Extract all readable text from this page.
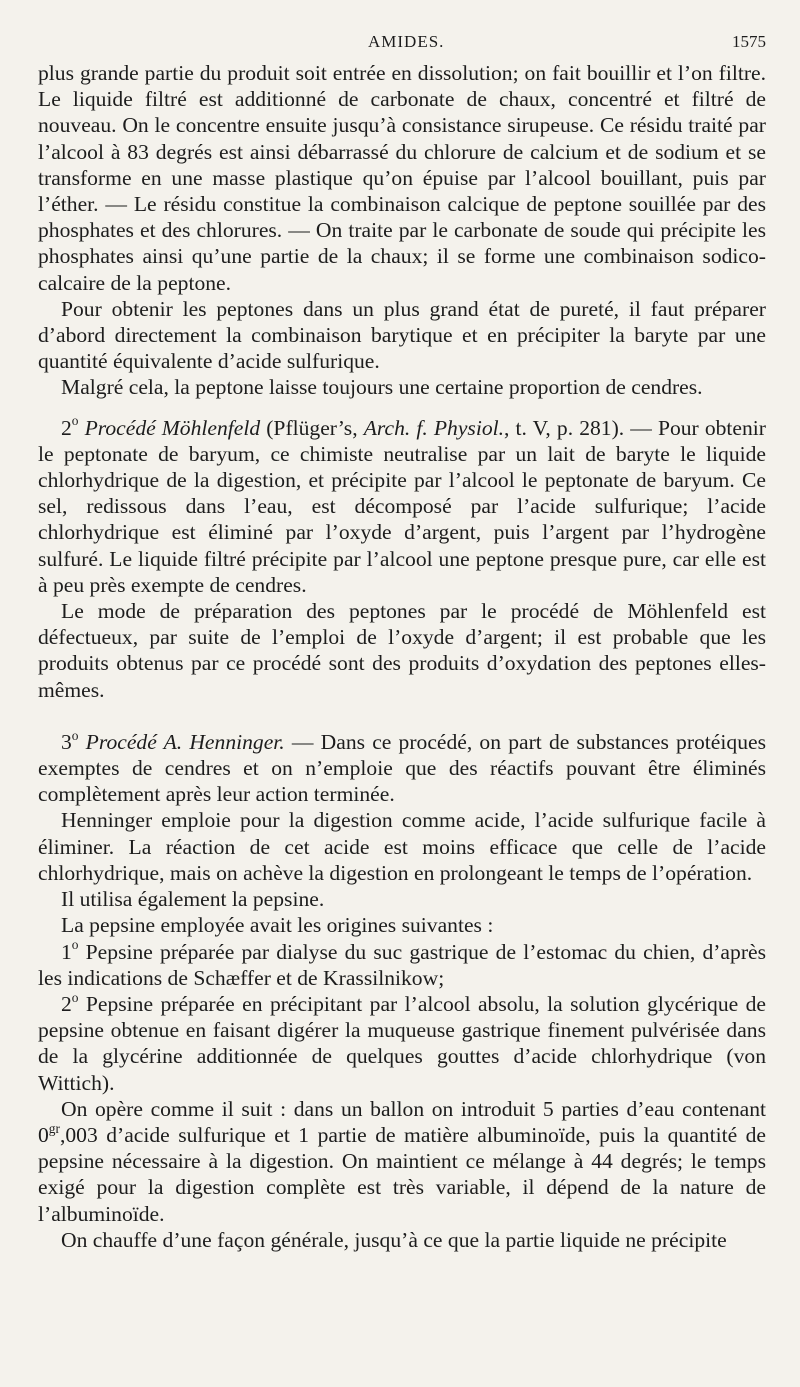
AMIDES.	1575

plus grande partie du produit soit entrée en dissolution; on fait bouillir et l’on filtre. Le liquide filtré est additionné de carbonate de chaux, concentré et filtré de nouveau. On le concentre ensuite jusqu’à consistance sirupeuse. Ce résidu traité par l’alcool à 83 degrés est ainsi débarrassé du chlorure de calcium et de sodium et se transforme en une masse plastique qu’on épuise par l’alcool bouillant, puis par l’éther. — Le résidu constitue la combinaison calcique de peptone souillée par des phosphates et des chlorures. — On traite par le carbonate de soude qui précipite les phosphates ainsi qu’une partie de la chaux; il se forme une combinaison sodico-calcaire de la peptone.

Pour obtenir les peptones dans un plus grand état de pureté, il faut préparer d’abord directement la combinaison barytique et en précipiter la baryte par une quantité équivalente d’acide sulfurique.

Malgré cela, la peptone laisse toujours une certaine proportion de cendres.

2$^o$ Procédé Möhlenfeld (Pflüger’s, Arch. f. Physiol., t. V, p. 281). — Pour obtenir le peptonate de baryum, ce chimiste neutralise par un lait de baryte le liquide chlorhydrique de la digestion, et précipite par l’alcool le peptonate de baryum. Ce sel, redissous dans l’eau, est décomposé par l’acide sulfurique; l’acide chlorhydrique est éliminé par l’oxyde d’argent, puis l’argent par l’hydrogène sulfuré. Le liquide filtré précipite par l’alcool une peptone presque pure, car elle est à peu près exempte de cendres.

Le mode de préparation des peptones par le procédé de Möhlenfeld est défectueux, par suite de l’emploi de l’oxyde d’argent; il est probable que les produits obtenus par ce procédé sont des produits d’oxydation des peptones elles-mêmes.

3$^o$ Procédé A. Henninger. — Dans ce procédé, on part de substances protéiques exemptes de cendres et on n’emploie que des réactifs pouvant être éliminés complètement après leur action terminée.

Henninger emploie pour la digestion comme acide, l’acide sulfurique facile à éliminer. La réaction de cet acide est moins efficace que celle de l’acide chlorhydrique, mais on achève la digestion en prolongeant le temps de l’opération.

Il utilisa également la pepsine.

La pepsine employée avait les origines suivantes :

1$^o$ Pepsine préparée par dialyse du suc gastrique de l’estomac du chien, d’après les indications de Schæffer et de Krassilnikow;

2$^o$ Pepsine préparée en précipitant par l’alcool absolu, la solution glycérique de pepsine obtenue en faisant digérer la muqueuse gastrique finement pulvérisée dans de la glycérine additionnée de quelques gouttes d’acide chlorhydrique (von Wittich).

On opère comme il suit : dans un ballon on introduit 5 parties d’eau contenant $0^{gr},003$ d’acide sulfurique et 1 partie de matière albuminoïde, puis la quantité de pepsine nécessaire à la digestion. On maintient ce mélange à 44 degrés; le temps exigé pour la digestion complète est très variable, il dépend de la nature de l’albuminoïde.

On chauffe d’une façon générale, jusqu’à ce que la partie liquide ne précipite
